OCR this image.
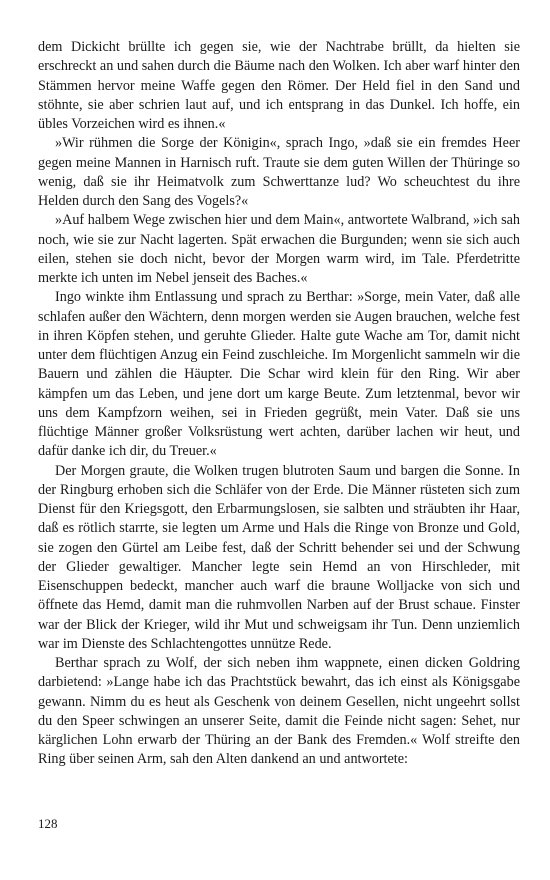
dem Dickicht brüllte ich gegen sie, wie der Nachtrabe brüllt, da hielten sie erschreckt an und sahen durch die Bäume nach den Wolken. Ich aber warf hinter den Stämmen hervor meine Waffe gegen den Römer. Der Held fiel in den Sand und stöhnte, sie aber schrien laut auf, und ich entsprang in das Dunkel. Ich hoffe, ein übles Vorzeichen wird es ihnen.«

»Wir rühmen die Sorge der Königin«, sprach Ingo, »daß sie ein fremdes Heer gegen meine Mannen in Harnisch ruft. Traute sie dem guten Willen der Thüringe so wenig, daß sie ihr Heimatvolk zum Schwerttanze lud? Wo scheuchtest du ihre Helden durch den Sang des Vogels?«

»Auf halbem Wege zwischen hier und dem Main«, antwortete Walbrand, »ich sah noch, wie sie zur Nacht lagerten. Spät erwachen die Burgunden; wenn sie sich auch eilen, stehen sie doch nicht, bevor der Morgen warm wird, im Tale. Pferdetritte merkte ich unten im Nebel jenseit des Baches.«

Ingo winkte ihm Entlassung und sprach zu Berthar: »Sorge, mein Vater, daß alle schlafen außer den Wächtern, denn morgen werden sie Augen brauchen, welche fest in ihren Köpfen stehen, und geruhte Glieder. Halte gute Wache am Tor, damit nicht unter dem flüchtigen Anzug ein Feind zuschleiche. Im Morgenlicht sammeln wir die Bauern und zählen die Häupter. Die Schar wird klein für den Ring. Wir aber kämpfen um das Leben, und jene dort um karge Beute. Zum letztenmal, bevor wir uns dem Kampfzorn weihen, sei in Frieden gegrüßt, mein Vater. Daß sie uns flüchtige Männer großer Volksrüstung wert achten, darüber lachen wir heut, und dafür danke ich dir, du Treuer.«

Der Morgen graute, die Wolken trugen blutroten Saum und bargen die Sonne. In der Ringburg erhoben sich die Schläfer von der Erde. Die Männer rüsteten sich zum Dienst für den Kriegsgott, den Erbarmungslosen, sie salbten und sträubten ihr Haar, daß es rötlich starrte, sie legten um Arme und Hals die Ringe von Bronze und Gold, sie zogen den Gürtel am Leibe fest, daß der Schritt behender sei und der Schwung der Glieder gewaltiger. Mancher legte sein Hemd an von Hirschleder, mit Eisenschuppen bedeckt, mancher auch warf die braune Wolljacke von sich und öffnete das Hemd, damit man die ruhmvollen Narben auf der Brust schaue. Finster war der Blick der Krieger, wild ihr Mut und schweigsam ihr Tun. Denn unziemlich war im Dienste des Schlachtengottes unnütze Rede.

Berthar sprach zu Wolf, der sich neben ihm wappnete, einen dicken Goldring darbietend: »Lange habe ich das Prachtstück bewahrt, das ich einst als Königsgabe gewann. Nimm du es heut als Geschenk von deinem Gesellen, nicht ungeehrt sollst du den Speer schwingen an unserer Seite, damit die Feinde nicht sagen: Sehet, nur kärglichen Lohn erwarb der Thüring an der Bank des Fremden.« Wolf streifte den Ring über seinen Arm, sah den Alten dankend an und antwortete:

128
